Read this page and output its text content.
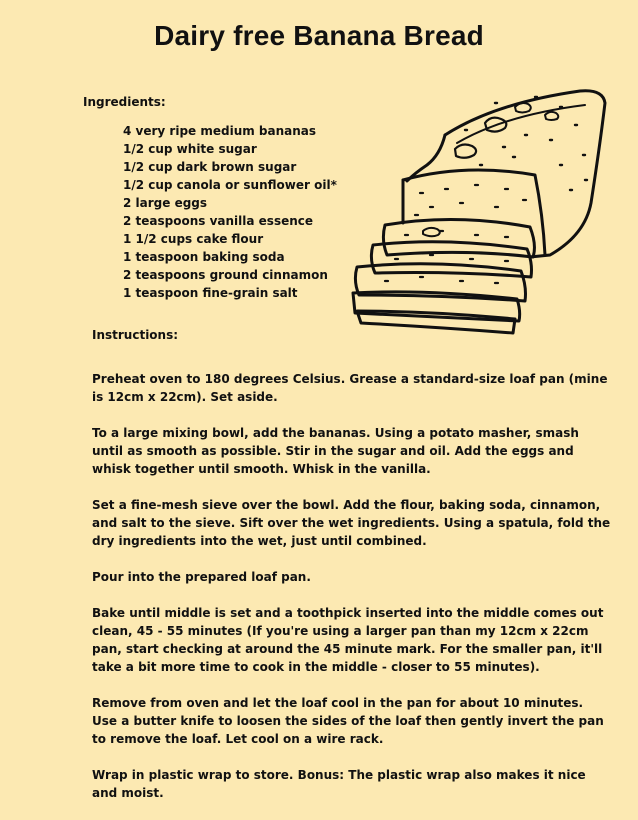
Dairy free Banana Bread
Ingredients:
4 very ripe medium bananas
1/2 cup white sugar
1/2 cup dark brown sugar
1/2 cup canola or sunflower oil*
2 large eggs
2 teaspoons vanilla essence
1 1/2 cups cake flour
1 teaspoon baking soda
2 teaspoons ground cinnamon
1 teaspoon fine-grain salt
Instructions:

Preheat oven to 180 degrees Celsius. Grease a standard-size loaf pan (mine is 12cm x 22cm). Set aside.

To a large mixing bowl, add the bananas. Using a potato masher, smash until as smooth as possible. Stir in the sugar and oil. Add the eggs and whisk together until smooth. Whisk in the vanilla.

Set a fine-mesh sieve over the bowl. Add the flour, baking soda, cinnamon, and salt to the sieve. Sift over the wet ingredients. Using a spatula, fold the dry ingredients into the wet, just until combined.

Pour into the prepared loaf pan.

Bake until middle is set and a toothpick inserted into the middle comes out clean, 45 - 55 minutes (If you're using a larger pan than my 12cm x 22cm pan, start checking at around the 45 minute mark. For the smaller pan, it'll take a bit more time to cook in the middle - closer to 55 minutes).

Remove from oven and let the loaf cool in the pan for about 10 minutes. Use a butter knife to loosen the sides of the loaf then gently invert the pan to remove the loaf. Let cool on a wire rack.

Wrap in plastic wrap to store. Bonus: The plastic wrap also makes it nice and moist.
